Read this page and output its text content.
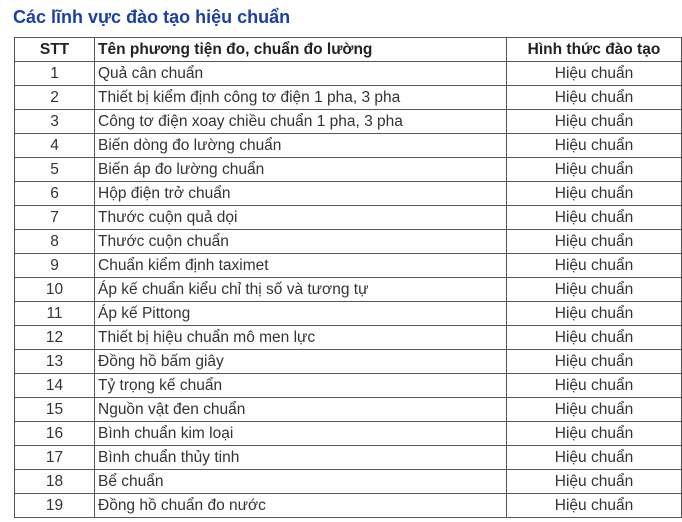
Các lĩnh vực đào tạo hiệu chuẩn
STT	Tên phương tiện đo, chuẩn đo lường	Hình thức đào tạo
1	Quả cân chuẩn	Hiệu chuẩn
2	Thiết bị kiểm định công tơ điện 1 pha, 3 pha	Hiệu chuẩn
3	Công tơ điện xoay chiều chuẩn 1 pha, 3 pha	Hiệu chuẩn
4	Biến dòng đo lường chuẩn	Hiệu chuẩn
5	Biến áp đo lường chuẩn	Hiệu chuẩn
6	Hộp điện trở chuẩn	Hiệu chuẩn
7	Thước cuộn quả dọi	Hiệu chuẩn
8	Thước cuộn chuẩn	Hiệu chuẩn
9	Chuẩn kiểm định taximet	Hiệu chuẩn
10	Áp kế chuẩn kiểu chỉ thị số và tương tự	Hiệu chuẩn
11	Áp kế Pittong	Hiệu chuẩn
12	Thiết bị hiệu chuẩn mô men lực	Hiệu chuẩn
13	Đồng hồ bấm giây	Hiệu chuẩn
14	Tỷ trọng kế chuẩn	Hiệu chuẩn
15	Nguồn vật đen chuẩn	Hiệu chuẩn
16	Bình chuẩn kim loại	Hiệu chuẩn
17	Bình chuẩn thủy tinh	Hiệu chuẩn
18	Bể chuẩn	Hiệu chuẩn
19	Đồng hồ chuẩn đo nước	Hiệu chuẩn
